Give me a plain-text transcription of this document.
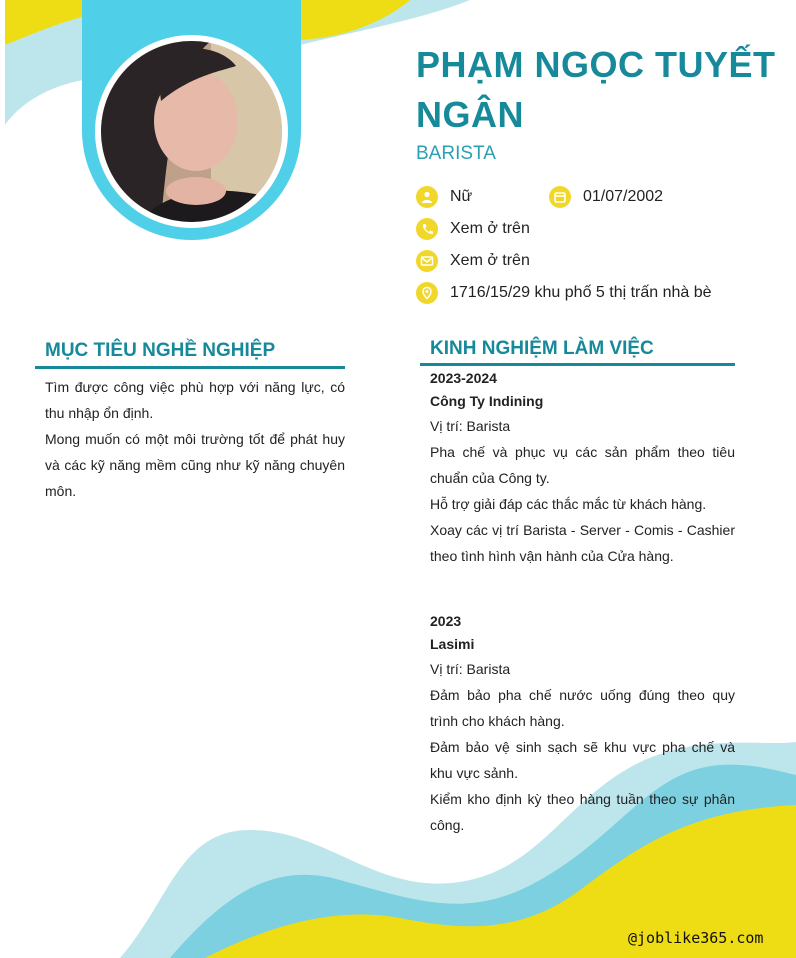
PHẠM NGỌC TUYẾT NGÂN
BARISTA
Nữ	01/07/2002
Xem ở trên
Xem ở trên
1716/15/29 khu phố 5 thị trấn nhà bè
MỤC TIÊU NGHỀ NGHIỆP

Tìm được công việc phù hợp với năng lực, có thu nhập ổn định.

Mong muốn có một môi trường tốt để phát huy và các kỹ năng mềm cũng như kỹ năng chuyên môn.

KINH NGHIỆM LÀM VIỆC
2023-2024
Công Ty Indining
Vị trí: Barista
Pha chế và phục vụ các sản phẩm theo tiêu chuẩn của Công ty.
Hỗ trợ giải đáp các thắc mắc từ khách hàng.
Xoay các vị trí Barista - Server - Comis - Cashier theo tình hình vận hành của Cửa hàng.
2023
Lasimi
Vị trí: Barista
Đảm bảo pha chế nước uống đúng theo quy trình cho khách hàng.
Đảm bảo vệ sinh sạch sẽ khu vực pha chế và khu vực sảnh.
Kiểm kho định kỳ theo hàng tuần theo sự phân công.
@joblike365.com
